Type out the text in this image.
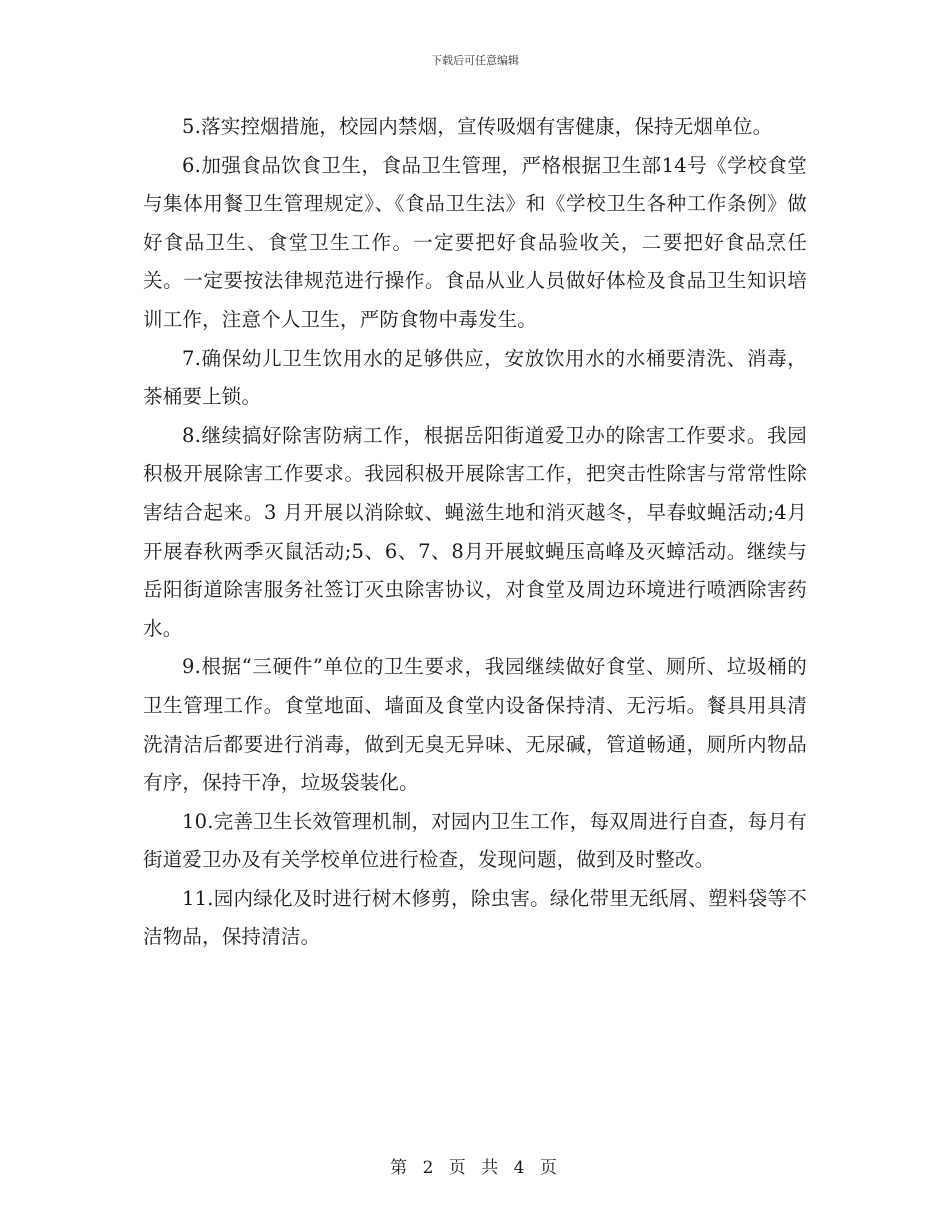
下载后可任意编辑

5.落实控烟措施，校园内禁烟，宣传吸烟有害健康，保持无烟单位。

6.加强食品饮食卫生，食品卫生管理，严格根据卫生部14号《学校食堂与集体用餐卫生管理规定》、《食品卫生法》和《学校卫生各种工作条例》做好食品卫生、食堂卫生工作。一定要把好食品验收关，二要把好食品烹任关。一定要按法律规范进行操作。食品从业人员做好体检及食品卫生知识培训工作，注意个人卫生，严防食物中毒发生。

7.确保幼儿卫生饮用水的足够供应，安放饮用水的水桶要清洗、消毒，茶桶要上锁。

8.继续搞好除害防病工作，根据岳阳街道爱卫办的除害工作要求。我园积极开展除害工作要求。我园积极开展除害工作，把突击性除害与常常性除害结合起来。3 月开展以消除蚊、蝇滋生地和消灭越冬，早春蚊蝇活动;4月开展春秋两季灭鼠活动;5、6、7、8月开展蚊蝇压高峰及灭蟑活动。继续与岳阳街道除害服务社签订灭虫除害协议，对食堂及周边环境进行喷洒除害药水。

9.根据“三硬件”单位的卫生要求，我园继续做好食堂、厕所、垃圾桶的卫生管理工作。食堂地面、墙面及食堂内设备保持清、无污垢。餐具用具清洗清洁后都要进行消毒，做到无臭无异味、无尿碱，管道畅通，厕所内物品有序，保持干净，垃圾袋装化。

10.完善卫生长效管理机制，对园内卫生工作，每双周进行自查，每月有街道爱卫办及有关学校单位进行检查，发现问题，做到及时整改。

11.园内绿化及时进行树木修剪，除虫害。绿化带里无纸屑、塑料袋等不洁物品，保持清洁。

第 2 页 共 4 页
